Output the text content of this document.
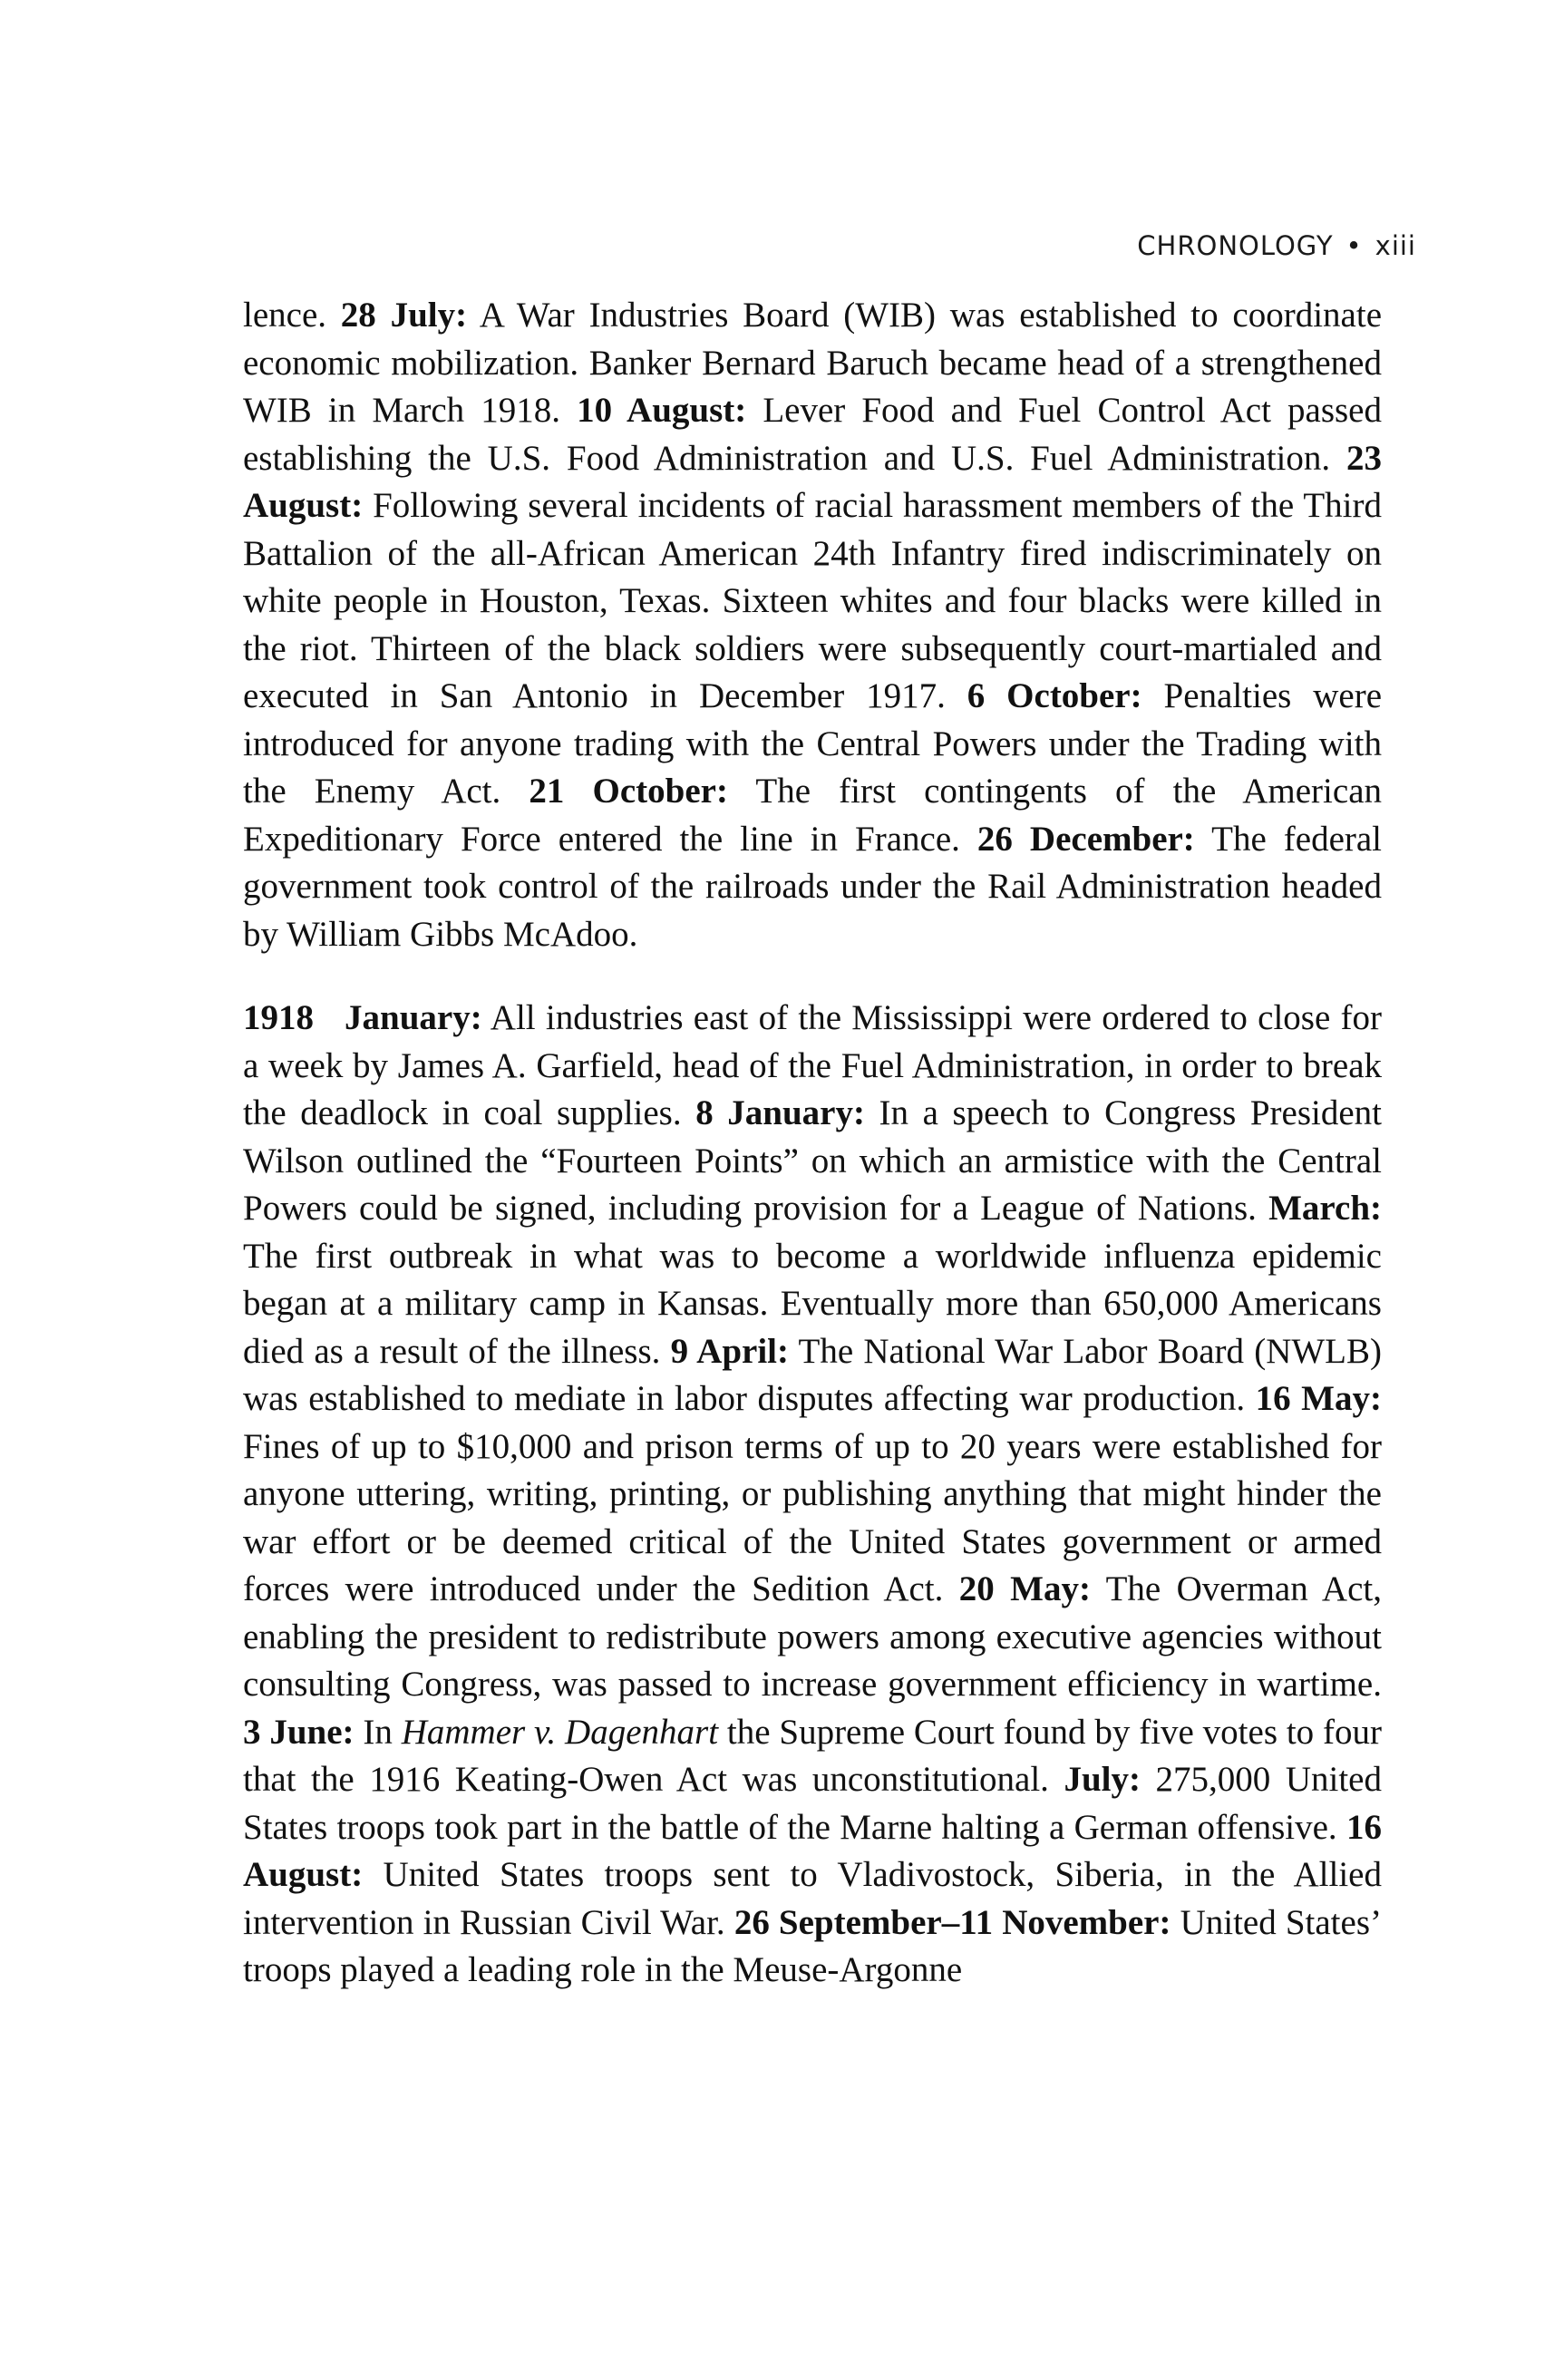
CHRONOLOGY • xiii

lence. 28 July: A War Industries Board (WIB) was established to coordinate economic mobilization. Banker Bernard Baruch became head of a strengthened WIB in March 1918. 10 August: Lever Food and Fuel Control Act passed establishing the U.S. Food Administration and U.S. Fuel Administration. 23 August: Following several incidents of racial harassment members of the Third Battalion of the all-African American 24th Infantry fired indiscriminately on white people in Houston, Texas. Sixteen whites and four blacks were killed in the riot. Thirteen of the black soldiers were subsequently court-martialed and executed in San Antonio in December 1917. 6 October: Penalties were introduced for anyone trading with the Central Powers under the Trading with the Enemy Act. 21 October: The first contingents of the American Expeditionary Force entered the line in France. 26 December: The federal government took control of the railroads under the Rail Administration headed by William Gibbs McAdoo.

1918 January: All industries east of the Mississippi were ordered to close for a week by James A. Garfield, head of the Fuel Administration, in order to break the deadlock in coal supplies. 8 January: In a speech to Congress President Wilson outlined the “Fourteen Points” on which an armistice with the Central Powers could be signed, including provision for a League of Nations. March: The first outbreak in what was to become a worldwide influenza epidemic began at a military camp in Kansas. Eventually more than 650,000 Americans died as a result of the illness. 9 April: The National War Labor Board (NWLB) was established to mediate in labor disputes affecting war production. 16 May: Fines of up to $10,000 and prison terms of up to 20 years were established for anyone uttering, writing, printing, or publishing anything that might hinder the war effort or be deemed critical of the United States government or armed forces were introduced under the Sedition Act. 20 May: The Overman Act, enabling the president to redistribute powers among executive agencies without consulting Congress, was passed to increase government efficiency in wartime. 3 June: In Hammer v. Dagenhart the Supreme Court found by five votes to four that the 1916 Keating-Owen Act was unconstitutional. July: 275,000 United States troops took part in the battle of the Marne halting a German offensive. 16 August: United States troops sent to Vladivostock, Siberia, in the Allied intervention in Russian Civil War. 26 September–11 November: United States’ troops played a leading role in the Meuse-Argonne
